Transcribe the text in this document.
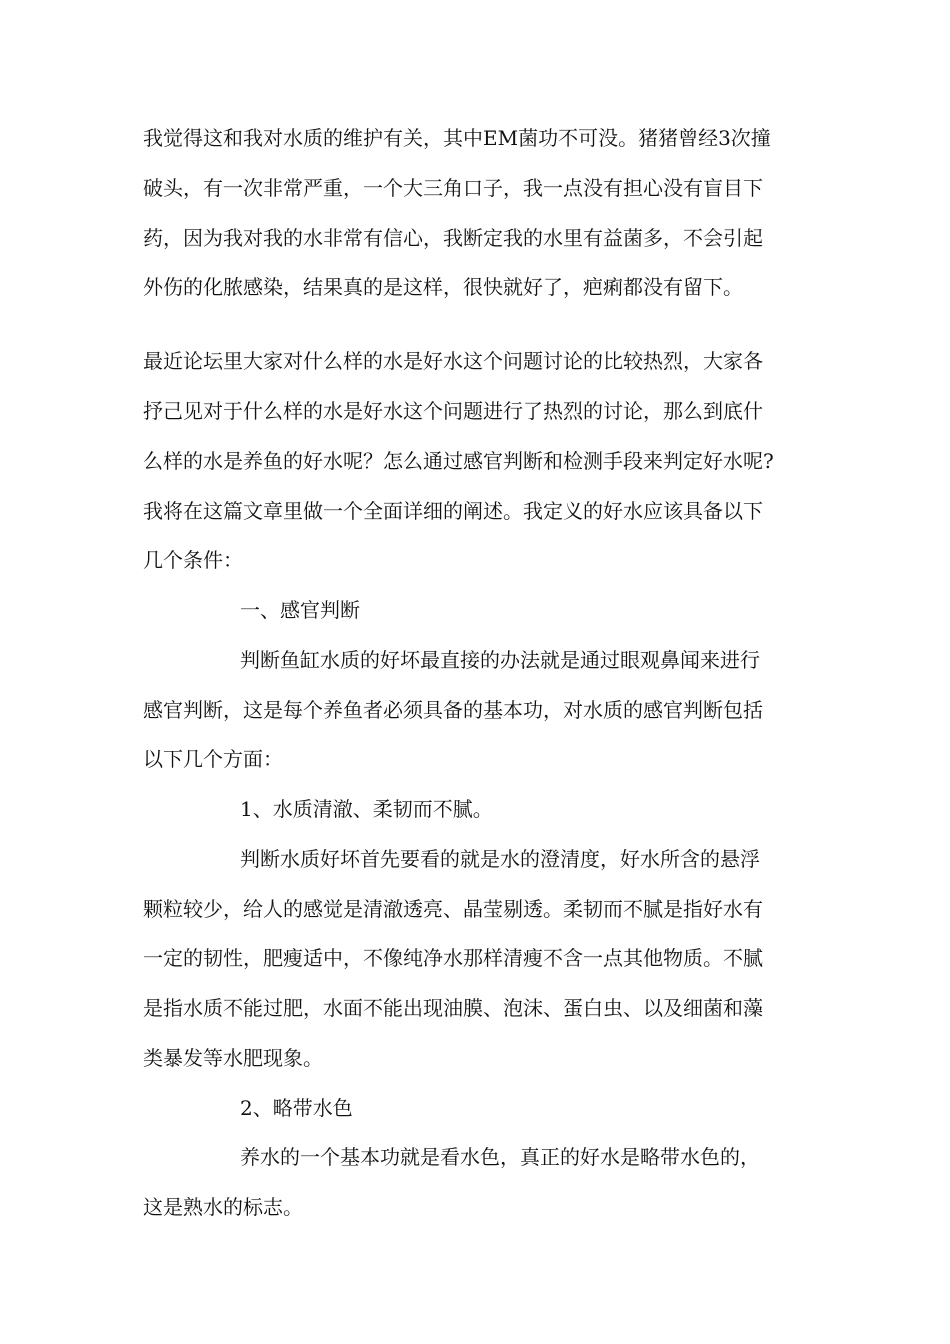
我觉得这和我对水质的维护有关，其中EM菌功不可没。猪猪曾经3次撞
破头，有一次非常严重，一个大三角口子，我一点没有担心没有盲目下
药，因为我对我的水非常有信心，我断定我的水里有益菌多，不会引起
外伤的化脓感染，结果真的是这样，很快就好了，疤痢都没有留下。
最近论坛里大家对什么样的水是好水这个问题讨论的比较热烈，大家各
抒己见对于什么样的水是好水这个问题进行了热烈的讨论，那么到底什
么样的水是养鱼的好水呢？怎么通过感官判断和检测手段来判定好水呢?
我将在这篇文章里做一个全面详细的阐述。我定义的好水应该具备以下
几个条件：
一、感官判断
判断鱼缸水质的好坏最直接的办法就是通过眼观鼻闻来进行
感官判断，这是每个养鱼者必须具备的基本功，对水质的感官判断包括
以下几个方面：
1、水质清澈、柔韧而不腻。
判断水质好坏首先要看的就是水的澄清度，好水所含的悬浮
颗粒较少，给人的感觉是清澈透亮、晶莹剔透。柔韧而不腻是指好水有
一定的韧性，肥瘦适中，不像纯净水那样清瘦不含一点其他物质。不腻
是指水质不能过肥，水面不能出现油膜、泡沫、蛋白虫、以及细菌和藻
类暴发等水肥现象。
2、略带水色
养水的一个基本功就是看水色，真正的好水是略带水色的，
这是熟水的标志。
